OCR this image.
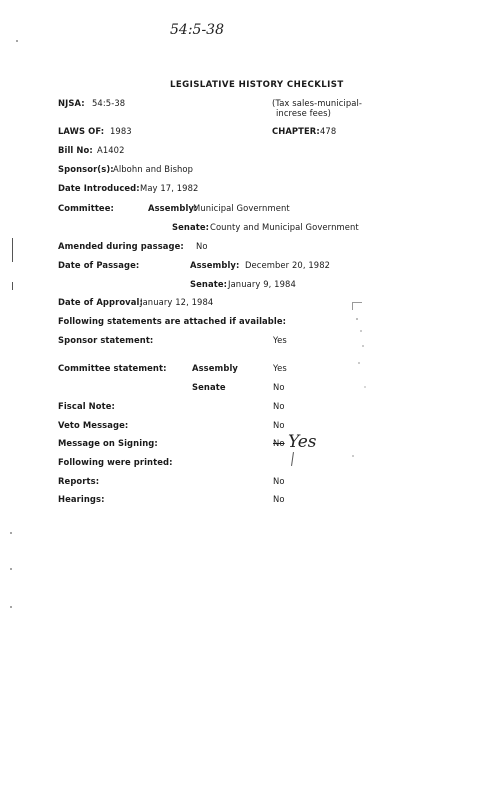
54:5-38
LEGISLATIVE HISTORY CHECKLIST
NJSA: 54:5-38	(Tax sales-municipal-
increse fees)
LAWS OF: 1983	CHAPTER: 478
Bill No: A1402
Sponsor(s): Albohn and Bishop
Date Introduced: May 17, 1982
Committee:	Assembly:
Municipal Government
Senate: County and Municipal Government
Amended during passage: No
Date of Passage:	Assembly: December 20, 1982
Senate: January 9, 1984
Date of Approval:
January 12, 1984
Following statements are attached if available:
Sponsor statement:	Yes
Committee statement:	Assembly	Yes
Senate	No
Fiscal Note:	No
Veto Message:	No
Message on Signing:	No Yes
Following were printed:
Reports:	No
Hearings:	No
